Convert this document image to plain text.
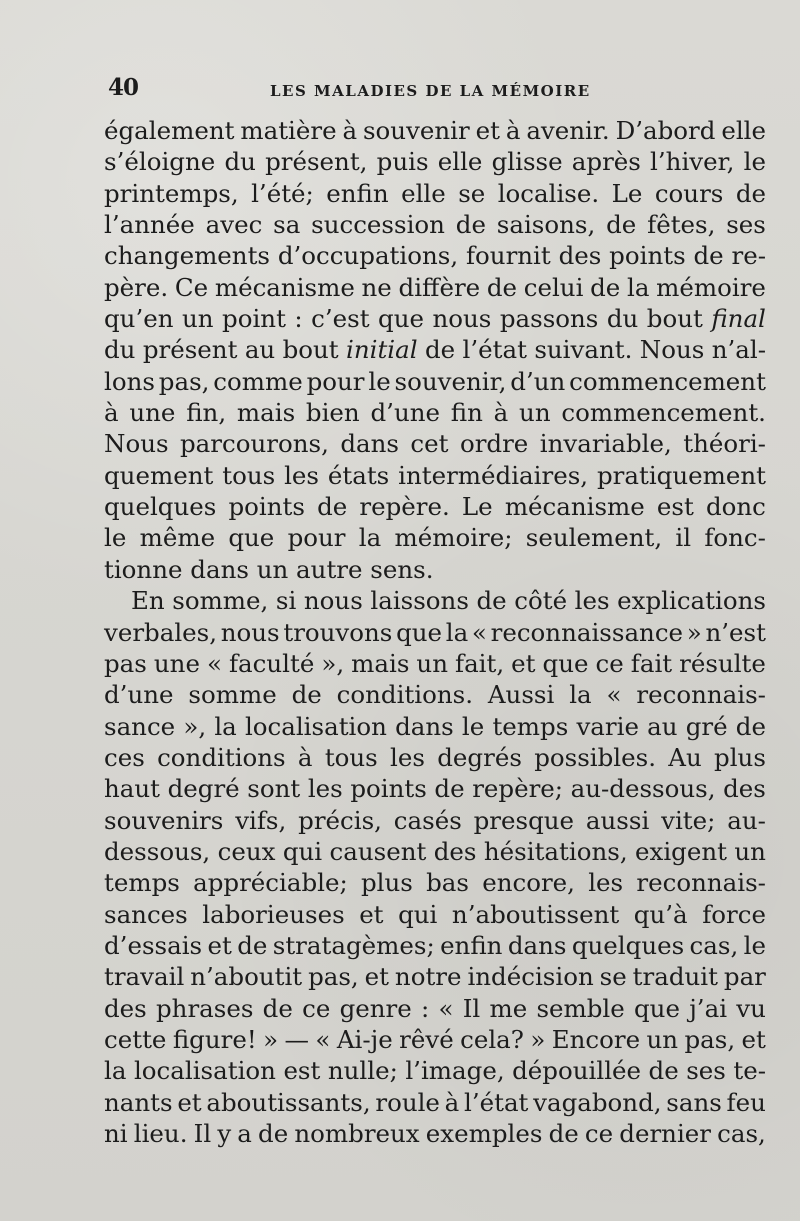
40	LES MALADIES DE LA MÉMOIRE
également matière à souvenir et à avenir. D’abord elle
s’éloigne du présent, puis elle glisse après l’hiver, le
printemps, l’été; enfin elle se localise. Le cours de
l’année avec sa succession de saisons, de fêtes, ses
changements d’occupations, fournit des points de re-
père. Ce mécanisme ne diffère de celui de la mémoire
qu’en un point : c’est que nous passons du bout final
du présent au bout initial de l’état suivant. Nous n’al-
lons pas, comme pour le souvenir, d’un commencement
à une fin, mais bien d’une fin à un commencement.
Nous parcourons, dans cet ordre invariable, théori-
quement tous les états intermédiaires, pratiquement
quelques points de repère. Le mécanisme est donc
le même que pour la mémoire; seulement, il fonc-
tionne dans un autre sens.
En somme, si nous laissons de côté les explications
verbales, nous trouvons que la « reconnaissance » n’est
pas une « faculté », mais un fait, et que ce fait résulte
d’une somme de conditions. Aussi la « reconnais-
sance », la localisation dans le temps varie au gré de
ces conditions à tous les degrés possibles. Au plus
haut degré sont les points de repère; au-dessous, des
souvenirs vifs, précis, casés presque aussi vite; au-
dessous, ceux qui causent des hésitations, exigent un
temps appréciable; plus bas encore, les reconnais-
sances laborieuses et qui n’aboutissent qu’à force
d’essais et de stratagèmes; enfin dans quelques cas, le
travail n’aboutit pas, et notre indécision se traduit par
des phrases de ce genre : « Il me semble que j’ai vu
cette figure! » — « Ai-je rêvé cela? » Encore un pas, et
la localisation est nulle; l’image, dépouillée de ses te-
nants et aboutissants, roule à l’état vagabond, sans feu
ni lieu. Il y a de nombreux exemples de ce dernier cas,
